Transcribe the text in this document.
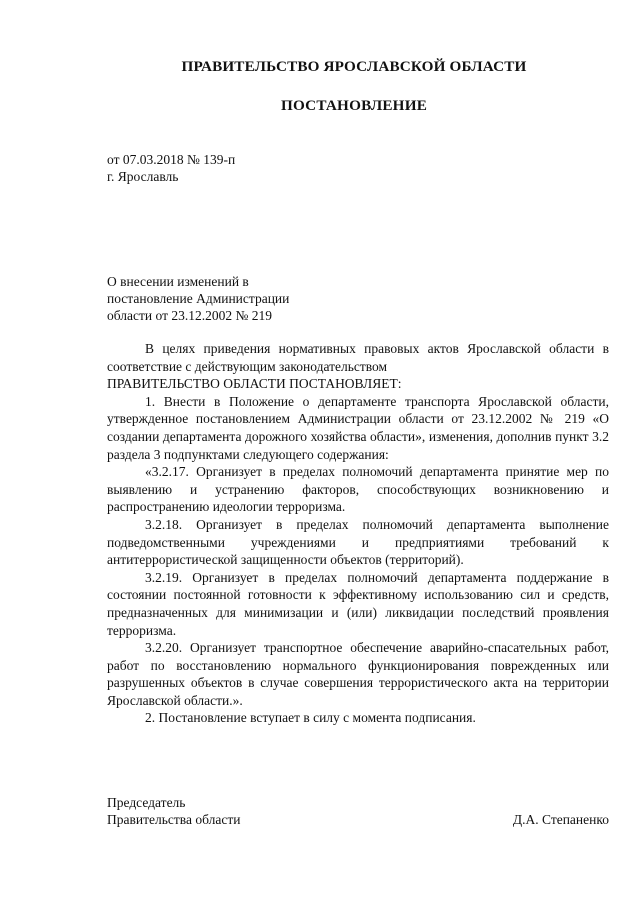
ПРАВИТЕЛЬСТВО ЯРОСЛАВСКОЙ ОБЛАСТИ
ПОСТАНОВЛЕНИЕ
от 07.03.2018 № 139-п
г. Ярославль
О внесении изменений в
постановление Администрации
области от 23.12.2002 № 219

В целях приведения нормативных правовых актов Ярославской области в соответствие с действующим законодательством

ПРАВИТЕЛЬСТВО ОБЛАСТИ ПОСТАНОВЛЯЕТ:

1. Внести в Положение о департаменте транспорта Ярославской области, утвержденное постановлением Администрации области от 23.12.2002 № 219 «О создании департамента дорожного хозяйства области», изменения, дополнив пункт 3.2 раздела 3 подпунктами следующего содержания:

«3.2.17. Организует в пределах полномочий департамента принятие мер по выявлению и устранению факторов, способствующих возникновению и распространению идеологии терроризма.

3.2.18. Организует в пределах полномочий департамента выполнение подведомственными учреждениями и предприятиями требований к антитеррористической защищенности объектов (территорий).

3.2.19. Организует в пределах полномочий департамента поддержание в состоянии постоянной готовности к эффективному использованию сил и средств, предназначенных для минимизации и (или) ликвидации последствий проявления терроризма.

3.2.20. Организует транспортное обеспечение аварийно-спасательных работ, работ по восстановлению нормального функционирования поврежденных или разрушенных объектов в случае совершения террористического акта на территории Ярославской области.».

2. Постановление вступает в силу с момента подписания.

Председатель
Правительства области	Д.А. Степаненко
